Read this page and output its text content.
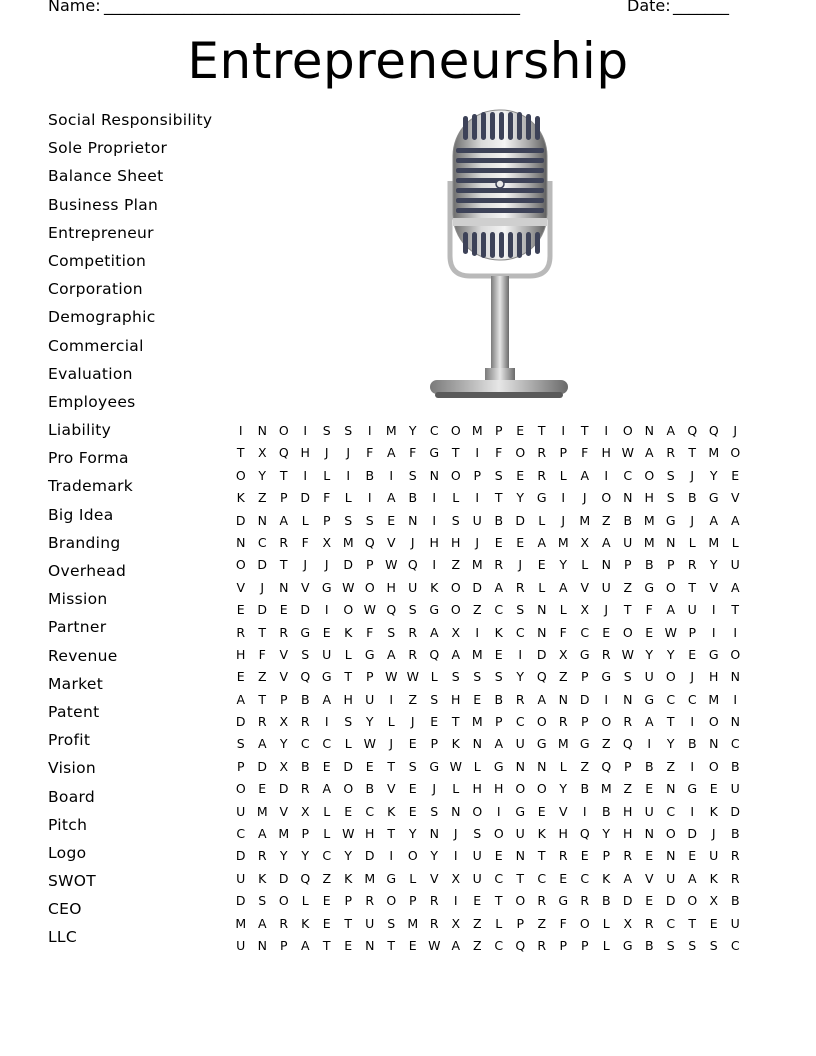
Name: ____________________________________________________	Date: _______
Entrepreneurship
Social Responsibility
Sole Proprietor
Balance Sheet
Business Plan
Entrepreneur
Competition
Corporation
Demographic
Commercial
Evaluation
Employees
Liability
Pro Forma
Trademark
Big Idea
Branding
Overhead
Mission
Partner
Revenue
Market
Patent
Profit
Vision
Board
Pitch
Logo
SWOT
CEO
LLC
I	N O	I	S	S	I	M Y	C O M P	E	T	I	T	I	O N	A Q Q	J
T	X Q H	J	J	F	A	F	G	T	I	F	O R	P	F	H W A	R	T M O
O	Y	T	I	L	I	B	I	S	N O	P	S	E	R	L	A	I	C O	S	J	Y	E
K	Z	P	D	F	L	I	A	B	I	L	I	T	Y	G	I	J	O N H	S	B G V
D N	A	L	P	S	S	E	N	I	S	U	B D	L	J	M Z	B M G	J	A	A
N C	R	F	X M Q V	J	H H	J	E	E	A M X	A	U M N	L	M	L
O D	T	J	J	D	P W Q	I	Z M R	J	E	Y	L	N	P	B	P	R	Y	U
V	J	N	V G W O H U	K O D A	R	L	A	V	U	Z G O	T	V	A
E	D	E	D	I	O W Q	S	G O Z	C	S	N	L	X	J	T	F	A	U	I	T
R	T	R G	E	K	F	S	R	A	X	I	K	C N	F	C	E	O	E W P	I	I
H	F	V	S	U	L	G A	R Q A M E	I	D X G R W Y	Y	E	G O
E	Z	V Q G	T	P W W L	S	S	S	Y	Q Z	P	G	S	U O	J	H N
A	T	P	B	A	H U	I	Z	S	H	E	B	R	A	N D	I	N G C	C M	I
D R	X	R	I	S	Y	L	J	E	T M P	C O R	P	O R	A	T	I	O N
S	A	Y	C	C	L W	J	E	P	K	N	A	U G M G Z Q	I	Y	B	N C
P	D X	B	E	D	E	T	S	G W L	G N N	L	Z Q	P	B	Z	I	O B
O	E	D R	A O B	V	E	J	L	H H O O	Y	B M Z	E	N G	E	U
U M V	X	L	E	C	K	E	S	N O	I	G	E	V	I	B	H U	C	I	K	D
C	A M P	L W H	T	Y	N	J	S	O U	K	H Q	Y	H N O D	J	B
D R	Y	Y	C	Y	D	I	O	Y	I	U	E	N	T	R	E	P	R	E	N	E	U	R
U	K	D Q Z	K M G	L	V	X	U	C	T	C	E	C	K	A	V	U	A	K	R
D	S	O	L	E	P	R O	P	R	I	E	T	O R G R	B D	E	D O X	B
M A	R	K	E	T	U	S M R	X	Z	L	P	Z	F	O	L	X	R	C	T	E	U
U N	P	A	T	E	N	T	E W A	Z	C Q R	P	P	L	G B	S	S	S	C
